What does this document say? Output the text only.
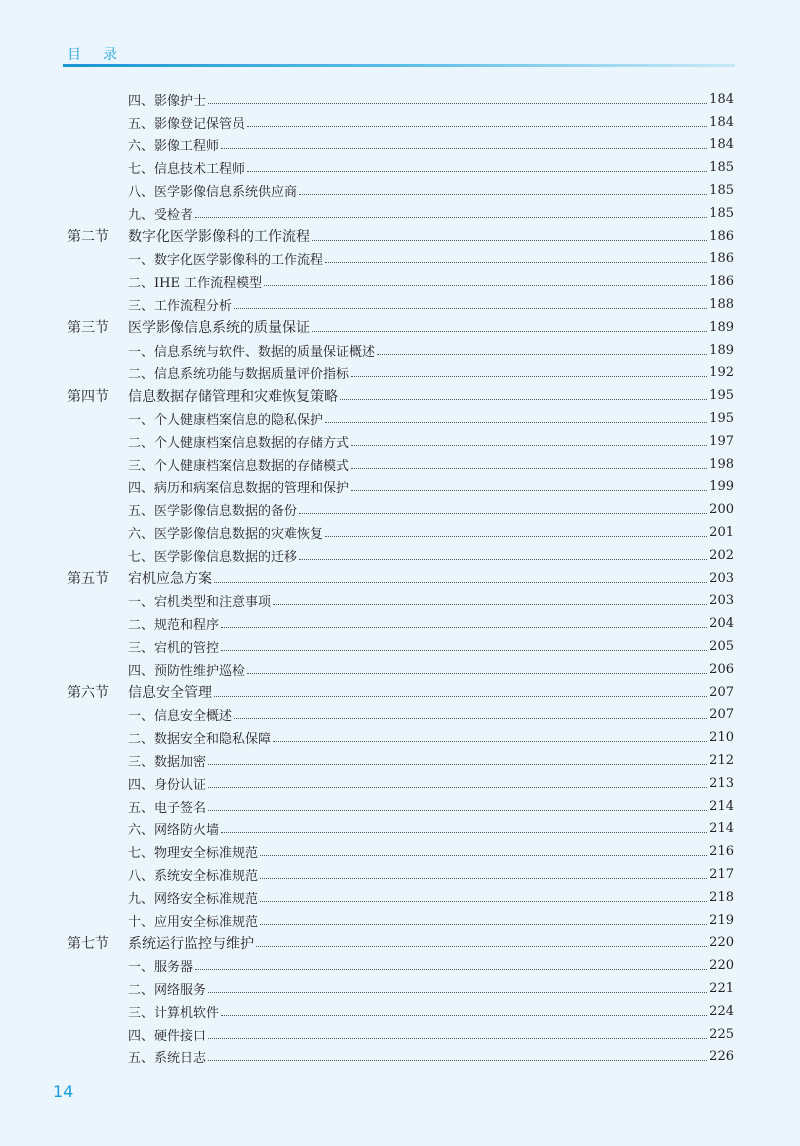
目录
四、影像护士	184
五、影像登记保管员	184
六、影像工程师	184
七、信息技术工程师	185
八、医学影像信息系统供应商	185
九、受检者	185
第二节 数字化医学影像科的工作流程	186
一、数字化医学影像科的工作流程	186
二、IHE 工作流程模型	186
三、工作流程分析	188
第三节 医学影像信息系统的质量保证	189
一、信息系统与软件、数据的质量保证概述	189
二、信息系统功能与数据质量评价指标	192
第四节 信息数据存储管理和灾难恢复策略	195
一、个人健康档案信息的隐私保护	195
二、个人健康档案信息数据的存储方式	197
三、个人健康档案信息数据的存储模式	198
四、病历和病案信息数据的管理和保护	199
五、医学影像信息数据的备份	200
六、医学影像信息数据的灾难恢复	201
七、医学影像信息数据的迁移	202
第五节 宕机应急方案	203
一、宕机类型和注意事项	203
二、规范和程序	204
三、宕机的管控	205
四、预防性维护巡检	206
第六节 信息安全管理	207
一、信息安全概述	207
二、数据安全和隐私保障	210
三、数据加密	212
四、身份认证	213
五、电子签名	214
六、网络防火墙	214
七、物理安全标准规范	216
八、系统安全标准规范	217
九、网络安全标准规范	218
十、应用安全标准规范	219
第七节 系统运行监控与维护	220
一、服务器	220
二、网络服务	221
三、计算机软件	224
四、硬件接口	225
五、系统日志	226
14
